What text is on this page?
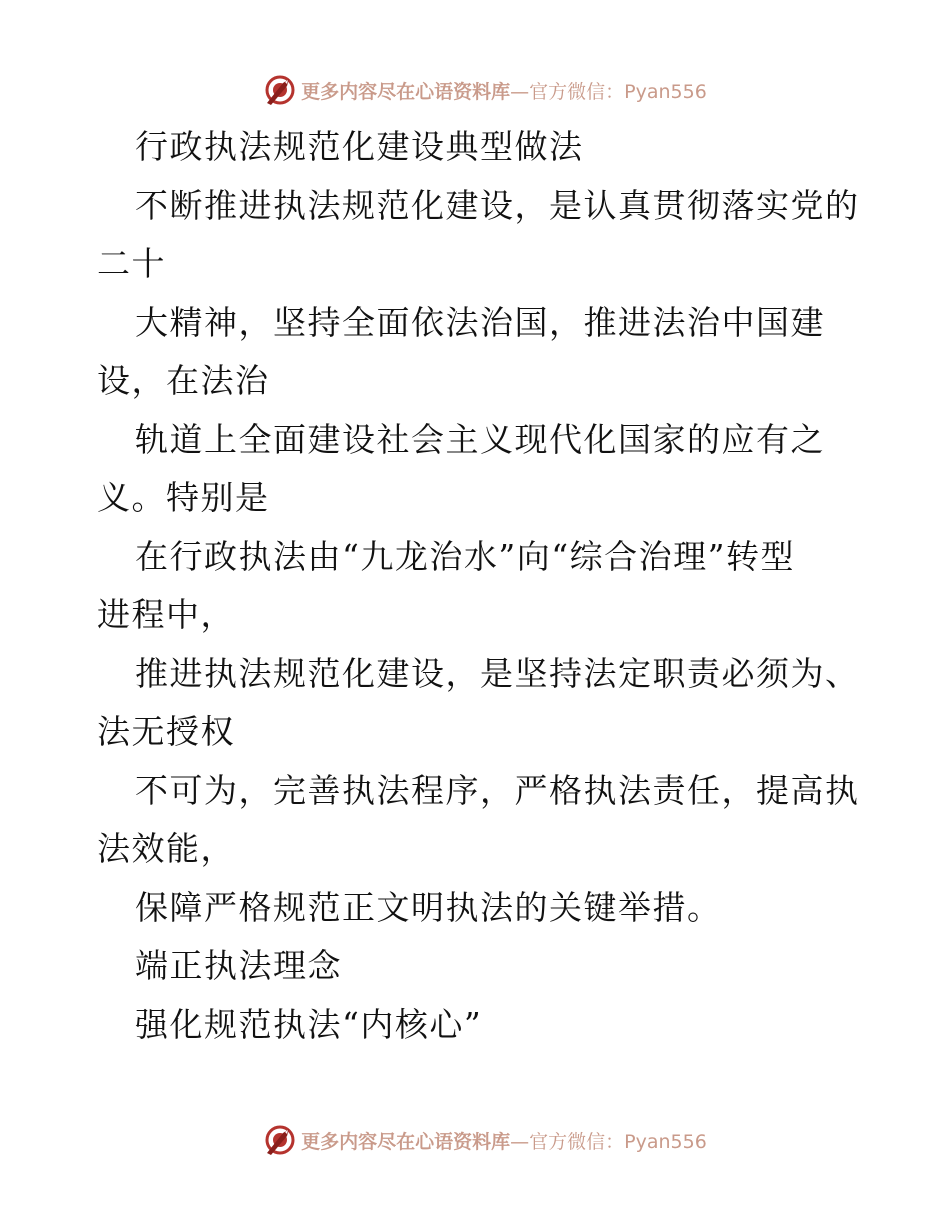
更多内容尽在心语资料库—官方微信：Pyan556
行政执法规范化建设典型做法
不断推进执法规范化建设，是认真贯彻落实党的
二十
大精神，坚持全面依法治国，推进法治中国建
设，在法治
轨道上全面建设社会主义现代化国家的应有之
义。特别是
在行政执法由“九龙治水”向“综合治理”转型
进程中，
推进执法规范化建设，是坚持法定职责必须为、
法无授权
不可为，完善执法程序，严格执法责任，提高执
法效能，
保障严格规范正文明执法的关键举措。
端正执法理念
强化规范执法“内核心”
更多内容尽在心语资料库—官方微信：Pyan556
